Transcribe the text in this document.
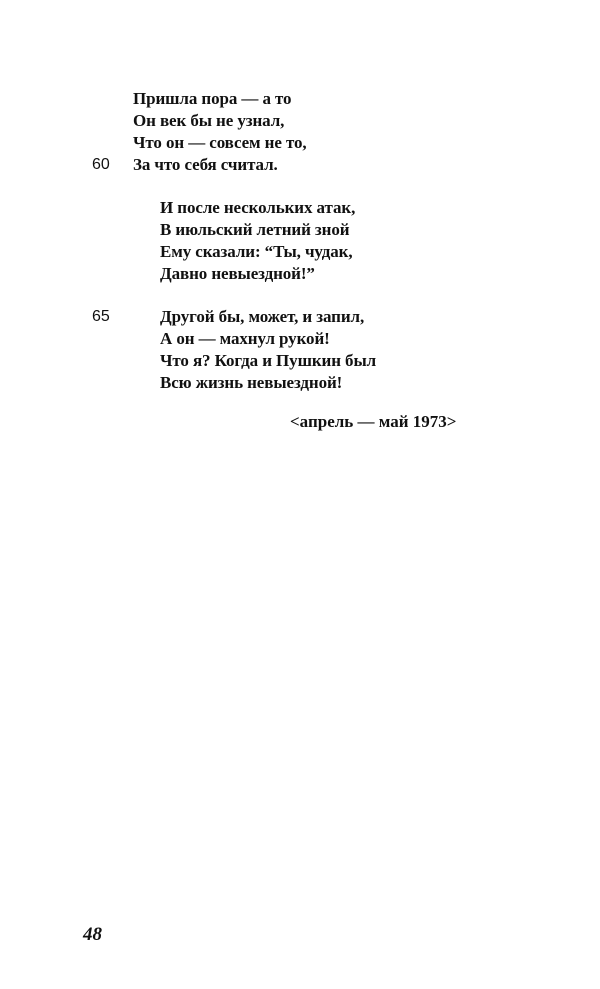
Пришла пора — а то
Он век бы не узнал,
Что он — совсем не то,
За что себя считал.
60
И после нескольких атак,
В июльский летний зной
Ему сказали: “Ты, чудак,
Давно невыездной!”
65	Другой бы, может, и запил,
А он — махнул рукой!
Что я? Когда и Пушкин был
Всю жизнь невыездной!
<апрель — май 1973>
48
